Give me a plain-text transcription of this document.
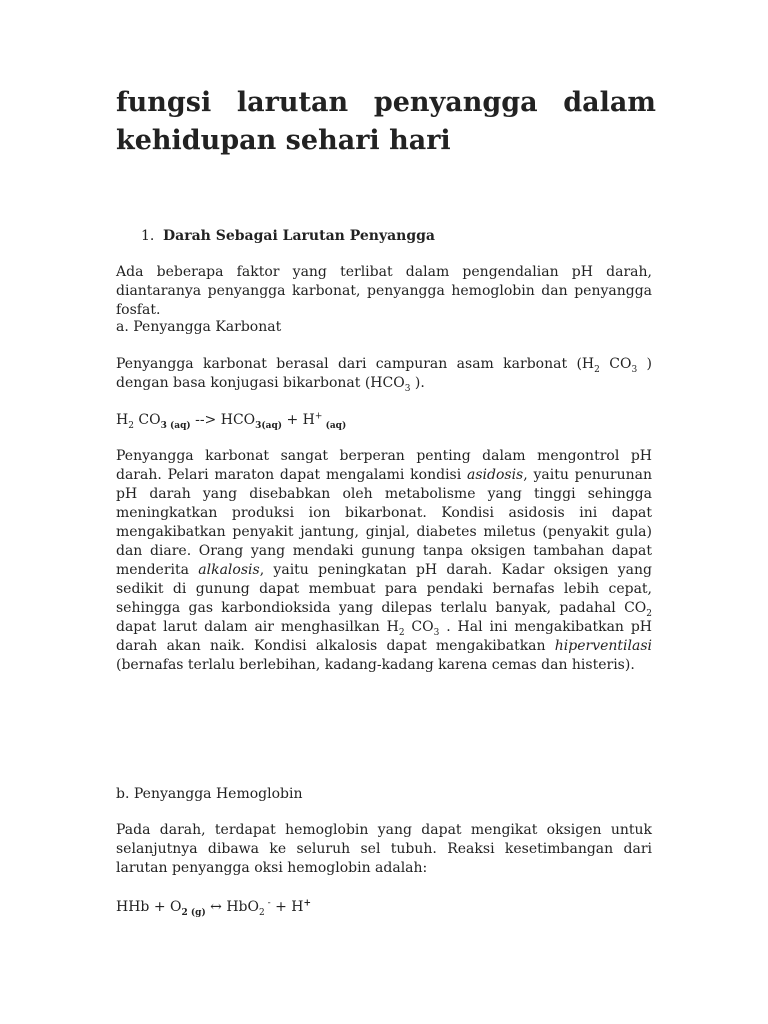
fungsi larutan penyangga dalam kehidupan sehari hari
1. Darah Sebagai Larutan Penyangga

Ada beberapa faktor yang terlibat dalam pengendalian pH darah, diantaranya penyangga karbonat, penyangga hemoglobin dan penyangga fosfat.

a. Penyangga Karbonat

Penyangga karbonat berasal dari campuran asam karbonat ($H_2$ $CO_3$ ) dengan basa konjugasi bikarbonat ($HCO_3$ ).

$H_2$ $CO_{3 (aq)}$ --> $HCO_{3(aq)} + H^+$ $_{(aq)}$

Penyangga karbonat sangat berperan penting dalam mengontrol pH darah. Pelari maraton dapat mengalami kondisi asidosis, yaitu penurunan pH darah yang disebabkan oleh metabolisme yang tinggi sehingga meningkatkan produksi ion bikarbonat. Kondisi asidosis ini dapat mengakibatkan penyakit jantung, ginjal, diabetes miletus (penyakit gula) dan diare. Orang yang mendaki gunung tanpa oksigen tambahan dapat menderita alkalosis, yaitu peningkatan pH darah. Kadar oksigen yang sedikit di gunung dapat membuat para pendaki bernafas lebih cepat, sehingga gas karbondioksida yang dilepas terlalu banyak, padahal $CO_2$ dapat larut dalam air menghasilkan $H_2$ $CO_3$ . Hal ini mengakibatkan pH darah akan naik. Kondisi alkalosis dapat mengakibatkan hiperventilasi (bernafas terlalu berlebihan, kadang-kadang karena cemas dan histeris).

b. Penyangga Hemoglobin

Pada darah, terdapat hemoglobin yang dapat mengikat oksigen untuk selanjutnya dibawa ke seluruh sel tubuh. Reaksi kesetimbangan dari larutan penyangga oksi hemoglobin adalah:

HHb + $O_{2 (g)}$ ↔ HbO$_2$ - + H+
